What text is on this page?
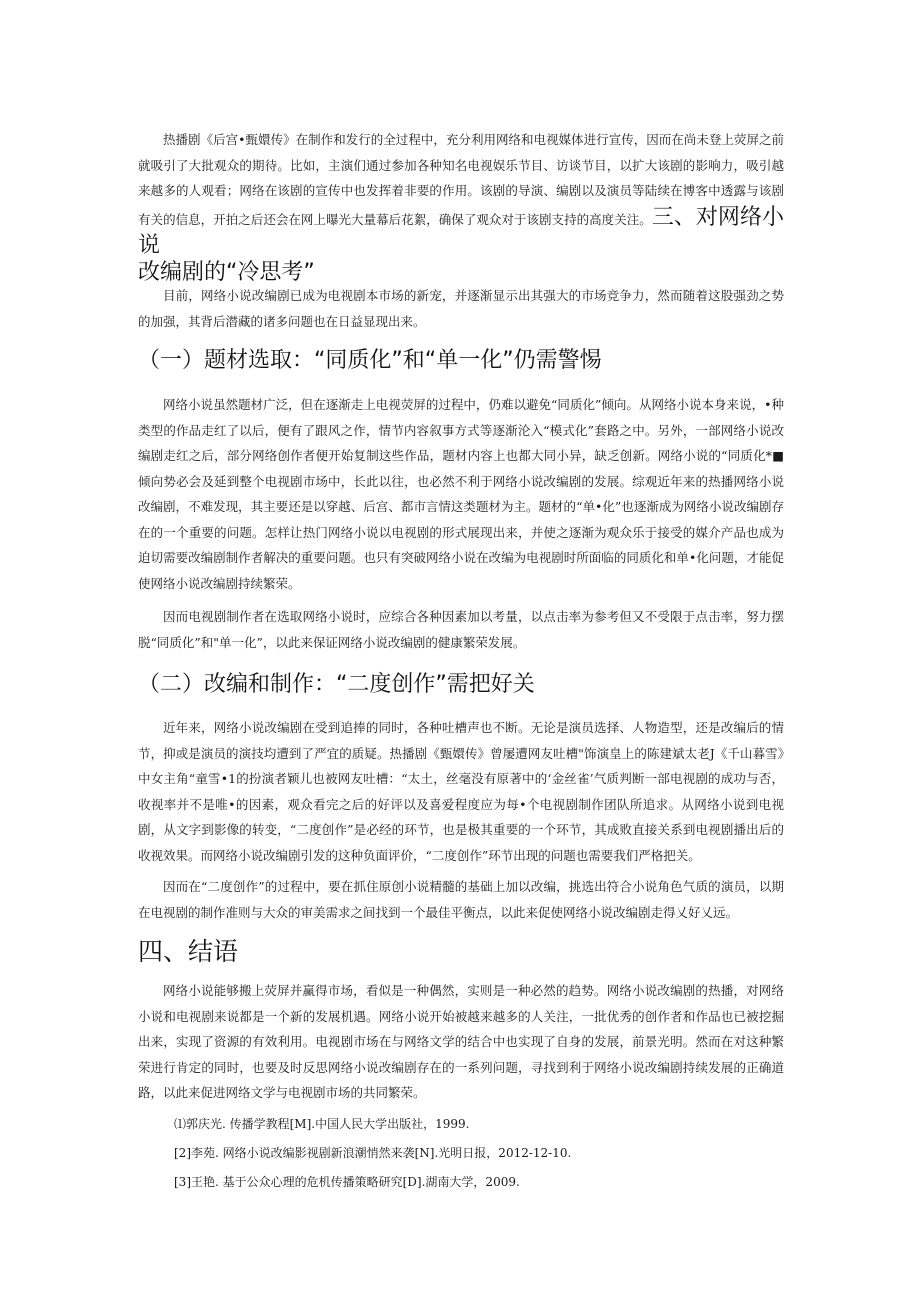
热播剧《后宫•甄嬛传》在制作和发行的全过程中，充分利用网络和电视媒体进行宣传，因而在尚未登上荧屏之前就吸引了大批观众的期待。比如，主演们通过参加各种知名电视娱乐节目、访谈节目，以扩大该剧的影响力，吸引越来越多的人观看；网络在该剧的宣传中也发挥着非要的作用。该剧的导演、编剧以及演员等陆续在博客中透露与该剧有关的信息，开拍之后还会在网上曝光大量幕后花絮，确保了观众对于该剧支持的高度关注。三、对网络小说

改编剧的“冷思考”

目前，网络小说改编剧已成为电视剧本市场的新宠，并逐渐显示出其强大的市场竞争力，然而随着这股强劲之势的加强，其背后潜藏的诸多问题也在日益显现出来。

（一）题材选取：“同质化”和“单一化”仍需警惕

网络小说虽然题材广泛，但在逐渐走上电视荧屏的过程中，仍难以避免“同质化”倾向。从网络小说本身来说，•种类型的作品走红了以后，便有了跟风之作，情节内容叙事方式等逐渐沦入“模式化”套路之中。另外，一部网络小说改编剧走红之后，部分网络创作者便开始复制这些作品，题材内容上也都大同小异，缺乏创新。网络小说的“同质化*■倾向势必会及延到整个电视剧市场中，长此以往，也必然不利于网络小说改编剧的发展。综观近年来的热播网络小说改编剧，不难发现，其主要还是以穿越、后宫、都市言情这类题材为主。题材的“单•化”也逐渐成为网络小说改编剧存在的一个重要的问题。怎样让热门网络小说以电视剧的形式展现出来，并使之逐渐为观众乐于接受的媒介产品也成为迫切需要改编剧制作者解决的重要问题。也只有突破网络小说在改编为电视剧时所面临的同质化和单•化问题，才能促使网络小说改编剧持续繁荣。

因而电视剧制作者在选取网络小说时，应综合各种因素加以考量，以点击率为参考但又不受限于点击率，努力摆脱“同质化”和"单一化”，以此来保证网络小说改编剧的健康繁荣发展。

（二）改编和制作：“二度创作”需把好关

近年来，网络小说改编剧在受到追捧的同时，各种吐槽声也不断。无论是演员选择、人物造型，还是改编后的情节，抑或是演员的演技均遭到了严宜的质疑。热播剧《甄嬛传》曾屡遭网友吐槽"饰演皇上的陈建斌太老J《千山暮雪》中女主角“童雪•1的扮演者颖儿也被网友吐槽：“太土，丝毫没有原著中的‘金丝雀’气质判断一部电视剧的成功与否，收视率并不是唯•的因素，观众看完之后的好评以及喜爱程度应为每•个电视剧制作团队所追求。从网络小说到电视剧，从文字到影像的转变，“二度创作”是必经的环节，也是极其重要的一个环节，其成败直接关系到电视剧播出后的收视效果。而网络小说改编剧引发的这种负面评价，“二度创作”环节出现的问题也需要我们严格把关。

因而在“二度创作”的过程中，要在抓住原创小说精髓的基础上加以改编，挑选出符合小说角色气质的演员，以期在电视剧的制作准则与大众的审美需求之间找到一个最佳平衡点，以此来促使网络小说改编剧走得乂好乂远。

四、结语

网络小说能够搬上荧屏并赢得市场，看似是一种偶然，实则是一种必然的趋势。网络小说改编剧的热播，对网络小说和电视剧来说都是一个新的发展机遇。网络小说开始被越来越多的人关注，一批优秀的创作者和作品也已被挖掘出来，实现了资源的有效利用。电视剧市场在与网络文学的结合中也实现了自身的发展，前景光明。然而在对这种繁荣进行肯定的同时，也要及时反思网络小说改编剧存在的一系列问题，寻找到利于网络小说改编剧持续发展的正确道路，以此来促进网络文学与电视剧市场的共同繁荣。

⑴郭庆光. 传播学教程[M].中国人民大学出版社，1999.

[2]李苑. 网络小说改编影视剧新浪潮悄然来袭[N].光明日报，2012-12-10.

[3]王艳. 基于公众心理的危机传播策略研究[D].湖南大学，2009.
